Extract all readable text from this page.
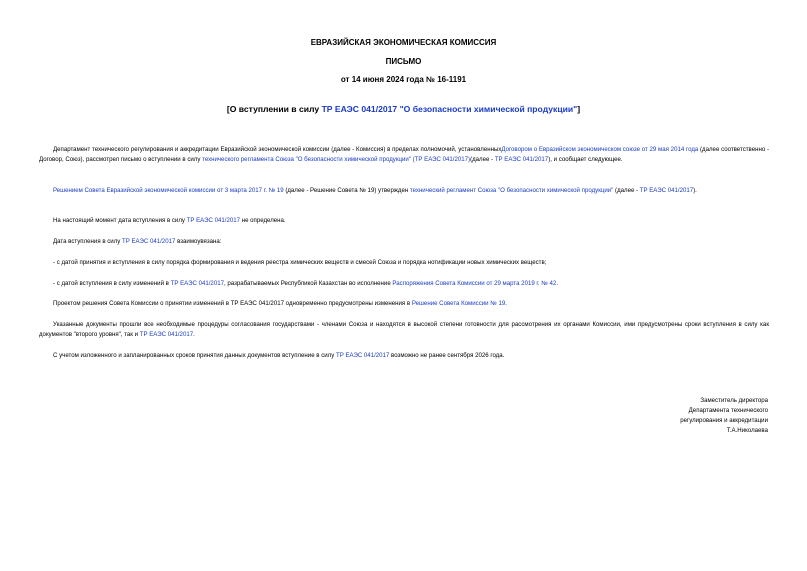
ЕВРАЗИЙСКАЯ ЭКОНОМИЧЕСКАЯ КОМИССИЯ
ПИСЬМО
от 14 июня 2024 года № 16-1191
[О вступлении в силу ТР ЕАЭС 041/2017 "О безопасности химической продукции"]
Департамент технического регулирования и аккредитации Евразийской экономической комиссии (далее - Комиссия) в пределах полномочий, установленныхДоговором о Евразийском экономическом союзе от 29 мая 2014 года (далее соответственно - Договор, Союз), рассмотрел письмо о вступлении в силу технического регламента Союза "О безопасности химической продукции" (ТР ЕАЭС 041/2017)(далее - ТР ЕАЭС 041/2017), и сообщает следующее.
Решением Совета Евразийской экономической комиссии от 3 марта 2017 г. № 19 (далее - Решение Совета № 19) утвержден технический регламент Союза "О безопасности химической продукции" (далее - ТР ЕАЭС 041/2017).
На настоящий момент дата вступления в силу ТР ЕАЭС 041/2017 не определена.
Дата вступления в силу ТР ЕАЭС 041/2017 взаимоувязана:
- с датой принятия и вступления в силу порядка формирования и ведения реестра химических веществ и смесей Союза и порядка нотификации новых химических веществ;
- с датой вступления в силу изменений в ТР ЕАЭС 041/2017, разрабатываемых Республикой Казахстан во исполнение Распоряжения Совета Комиссии от 29 марта 2019 г. № 42.
Проектом решения Совета Комиссии о принятии изменений в ТР ЕАЭС 041/2017 одновременно предусмотрены изменения в Решение Совета Комиссии № 19.
Указанные документы прошли все необходимые процедуры согласования государствами - членами Союза и находятся в высокой степени готовности для рассмотрения их органами Комиссии, ими предусмотрены сроки вступления в силу как документов "второго уровня", так и ТР ЕАЭС 041/2017.
С учетом изложенного и запланированных сроков принятия данных документов вступление в силу ТР ЕАЭС 041/2017 возможно не ранее сентября 2026 года.
Заместитель директора
Департамента технического
регулирования и аккредитации
Т.А.Николаева
